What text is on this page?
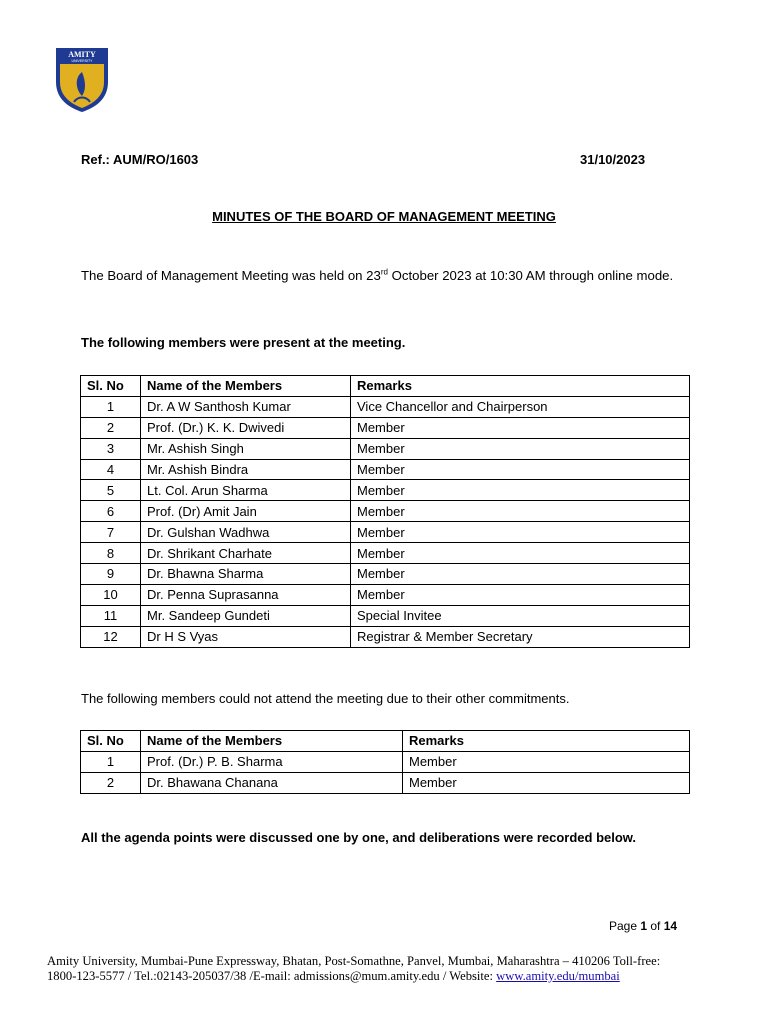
AMITY
UNIVERSITY
Ref.: AUM/RO/1603	31/10/2023
MINUTES OF THE BOARD OF MANAGEMENT MEETING
The Board of Management Meeting was held on 23rd October 2023 at 10:30 AM through online mode.
The following members were present at the meeting.
Sl. No	Name of the Members	Remarks
1	Dr. A W Santhosh Kumar	Vice Chancellor and Chairperson
2	Prof. (Dr.) K. K. Dwivedi	Member
3	Mr. Ashish Singh	Member
4	Mr. Ashish Bindra	Member
5	Lt. Col. Arun Sharma	Member
6	Prof. (Dr) Amit Jain	Member
7	Dr. Gulshan Wadhwa	Member
8	Dr. Shrikant Charhate	Member
9	Dr. Bhawna Sharma	Member
10	Dr. Penna Suprasanna	Member
11	Mr. Sandeep Gundeti	Special Invitee
12	Dr H S Vyas	Registrar & Member Secretary
The following members could not attend the meeting due to their other commitments.
Sl. No	Name of the Members	Remarks
1	Prof. (Dr.) P. B. Sharma	Member
2	Dr. Bhawana Chanana	Member
All the agenda points were discussed one by one, and deliberations were recorded below.
Page 1 of 14
Amity University, Mumbai-Pune Expressway, Bhatan, Post-Somathne, Panvel, Mumbai, Maharashtra – 410206 Toll-free:
1800-123-5577 / Tel.:02143-205037/38 /E-mail: admissions@mum.amity.edu / Website: www.amity.edu/mumbai
